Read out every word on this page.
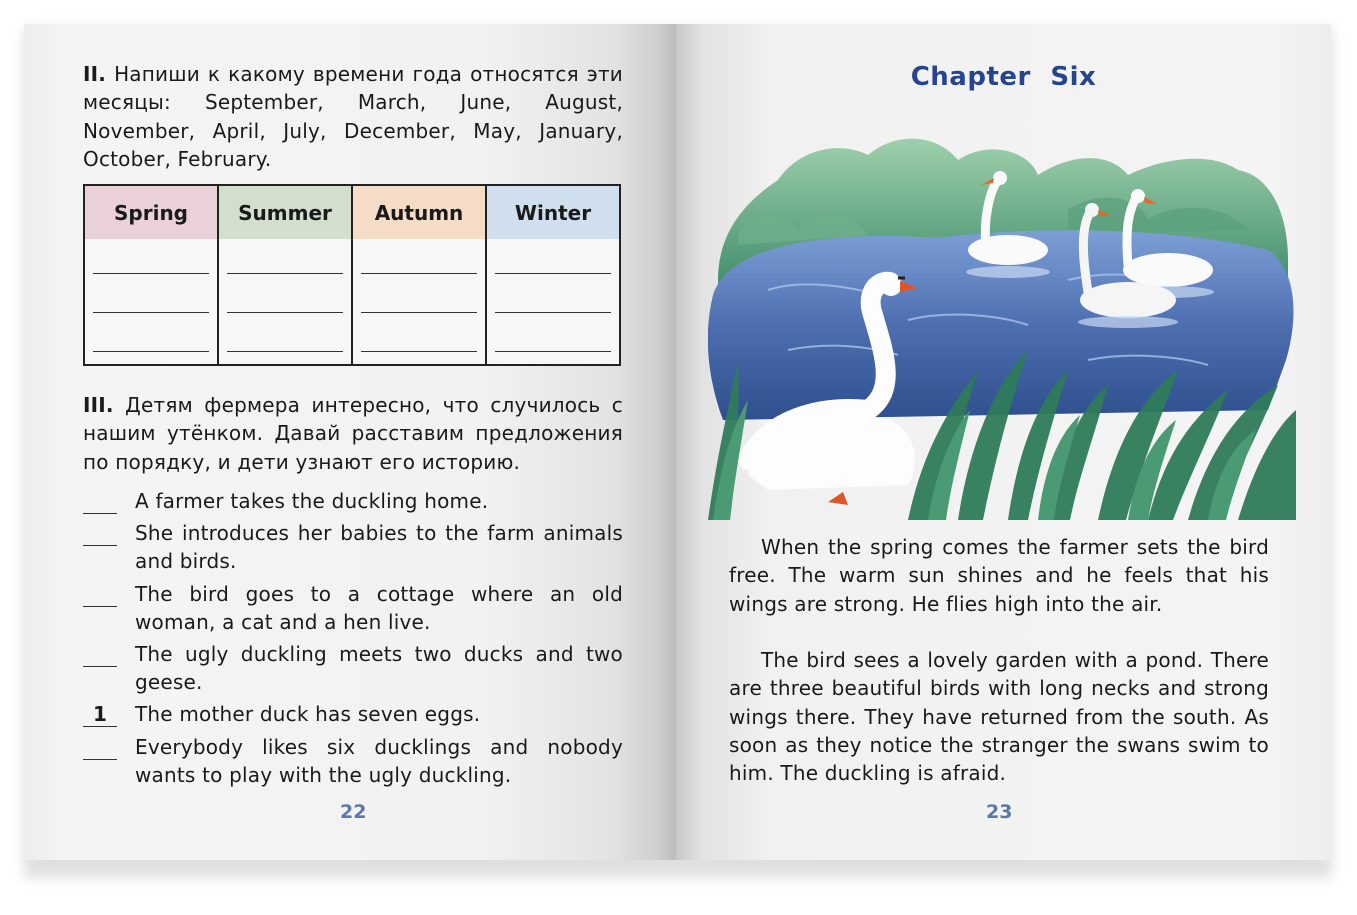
II. Напиши к какому времени года относятся эти месяцы: September, March, June, August, November, April, July, December, May, January, October, February.
Spring	Summer	Autumn	Winter

III. Детям фермера интересно, что случилось с нашим утёнком. Давай расставим предложения по порядку, и дети узнают его историю.
A farmer takes the duckling home.
She introduces her babies to the farm animals and birds.
The bird goes to a cottage where an old woman, a cat and a hen live.
The ugly duckling meets two ducks and two geese.
1	The mother duck has seven eggs.
Everybody likes six ducklings and nobody wants to play with the ugly duckling.
22
Chapter Six
When the spring comes the farmer sets the bird free. The warm sun shines and he feels that his wings are strong. He flies high into the air.
The bird sees a lovely garden with a pond. There are three beautiful birds with long necks and strong wings there. They have returned from the south. As soon as they notice the stranger the swans swim to him. The duckling is afraid.
23
